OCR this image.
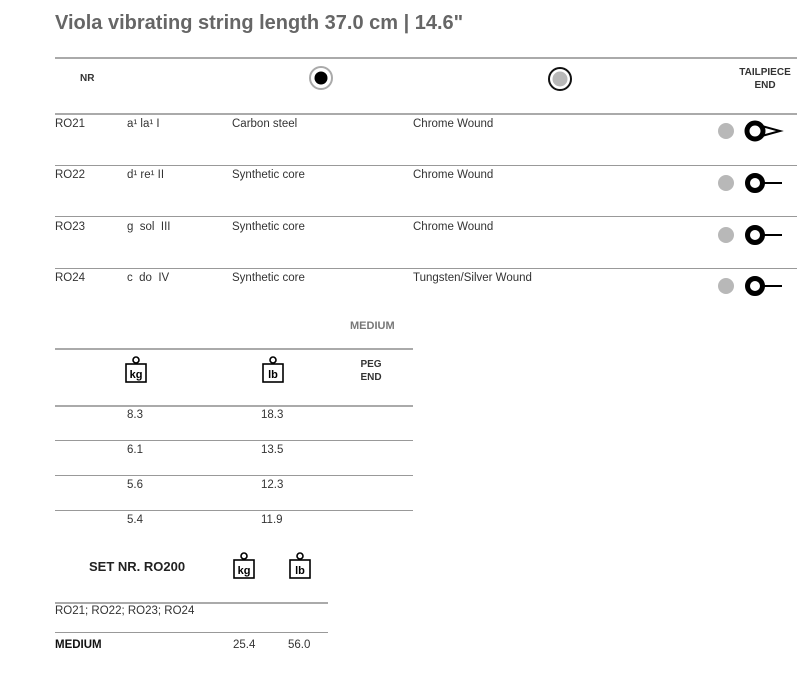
Viola vibrating string length 37.0 cm | 14.6"
NR
TAILPIECE
END
RO21	a¹ la¹ I	Carbon steel	Chrome Wound
RO22	d¹ re¹ II	Synthetic core	Chrome Wound
RO23	g  sol  III	Synthetic core	Chrome Wound
RO24	c  do  IV	Synthetic core	Tungsten/Silver Wound
MEDIUM
kg	lb
PEG
END
8.3	18.3
6.1	13.5
5.6	12.3
5.4	11.9
SET NR. RO200	kg	lb
RO21; RO22; RO23; RO24
MEDIUM	25.4	56.0
